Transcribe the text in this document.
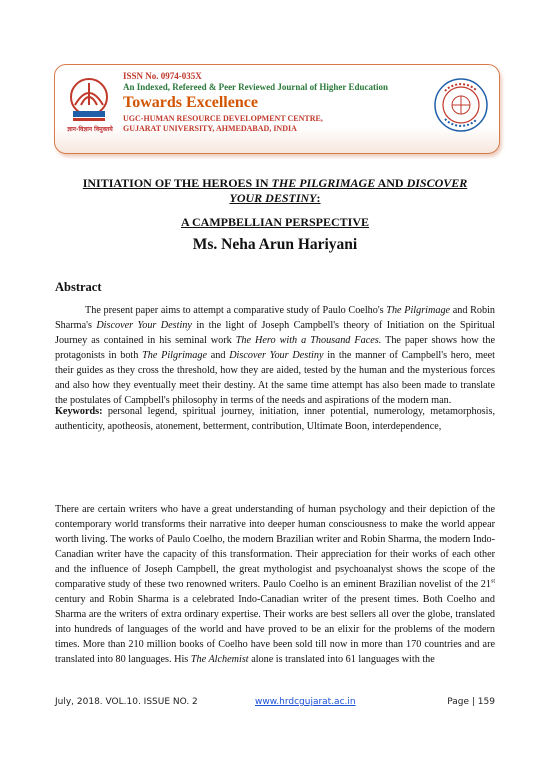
ज्ञान-विज्ञान विमुक्तये
ISSN No. 0974-035X
An Indexed, Refereed & Peer Reviewed Journal of Higher Education
Towards Excellence
UGC-HUMAN RESOURCE DEVELOPMENT CENTRE,
GUJARAT UNIVERSITY, AHMEDABAD, INDIA
INITIATION OF THE HEROES IN THE PILGRIMAGE AND DISCOVER
YOUR DESTINY:
A CAMPBELLIAN PERSPECTIVE
Ms. Neha Arun Hariyani
Abstract
The present paper aims to attempt a comparative study of Paulo Coelho's The Pilgrimage and Robin Sharma's Discover Your Destiny in the light of Joseph Campbell's theory of Initiation on the Spiritual Journey as contained in his seminal work The Hero with a Thousand Faces. The paper shows how the protagonists in both The Pilgrimage and Discover Your Destiny in the manner of Campbell's hero, meet their guides as they cross the threshold, how they are aided, tested by the human and the mysterious forces and also how they eventually meet their destiny. At the same time attempt has also been made to translate the postulates of Campbell's philosophy in terms of the needs and aspirations of the modern man.
Keywords: personal legend, spiritual journey, initiation, inner potential, numerology, metamorphosis, authenticity, apotheosis, atonement, betterment, contribution, Ultimate Boon, interdependence,
There are certain writers who have a great understanding of human psychology and their depiction of the contemporary world transforms their narrative into deeper human consciousness to make the world appear worth living. The works of Paulo Coelho, the modern Brazilian writer and Robin Sharma, the modern Indo-Canadian writer have the capacity of this transformation. Their appreciation for their works of each other and the influence of Joseph Campbell, the great mythologist and psychoanalyst shows the scope of the comparative study of these two renowned writers. Paulo Coelho is an eminent Brazilian novelist of the 21st century and Robin Sharma is a celebrated Indo-Canadian writer of the present times. Both Coelho and Sharma are the writers of extra ordinary expertise. Their works are best sellers all over the globe, translated into hundreds of languages of the world and have proved to be an elixir for the problems of the modern times. More than 210 million books of Coelho have been sold till now in more than 170 countries and are translated into 80 languages. His The Alchemist alone is translated into 61 languages with the
July, 2018. VOL.10. ISSUE NO. 2	www.hrdcgujarat.ac.in	Page | 159
